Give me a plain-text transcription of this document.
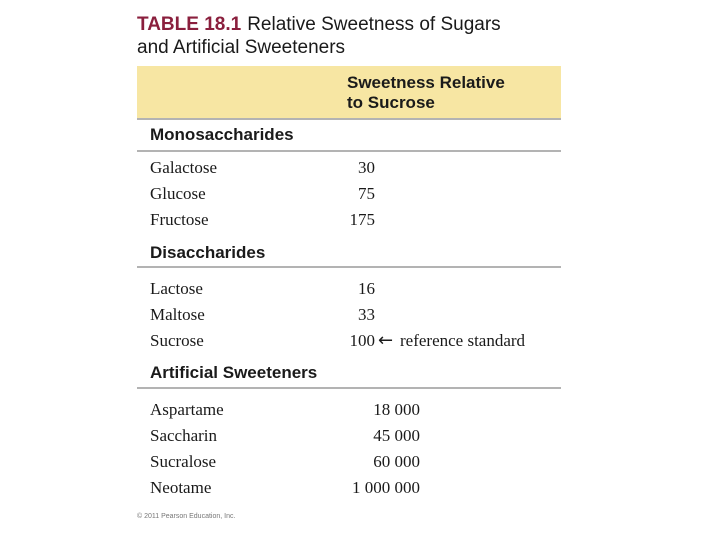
TABLE 18.1 Relative Sweetness of Sugars
and Artificial Sweeteners
Sweetness Relative
to Sucrose
Monosaccharides
Galactose	30
Glucose	75
Fructose	175
Disaccharides
Lactose	16
Maltose	33
Sucrose	100 ← reference standard
Artificial Sweeteners
Aspartame	18 000
Saccharin	45 000
Sucralose	60 000
Neotame	1 000 000
© 2011 Pearson Education, Inc.
